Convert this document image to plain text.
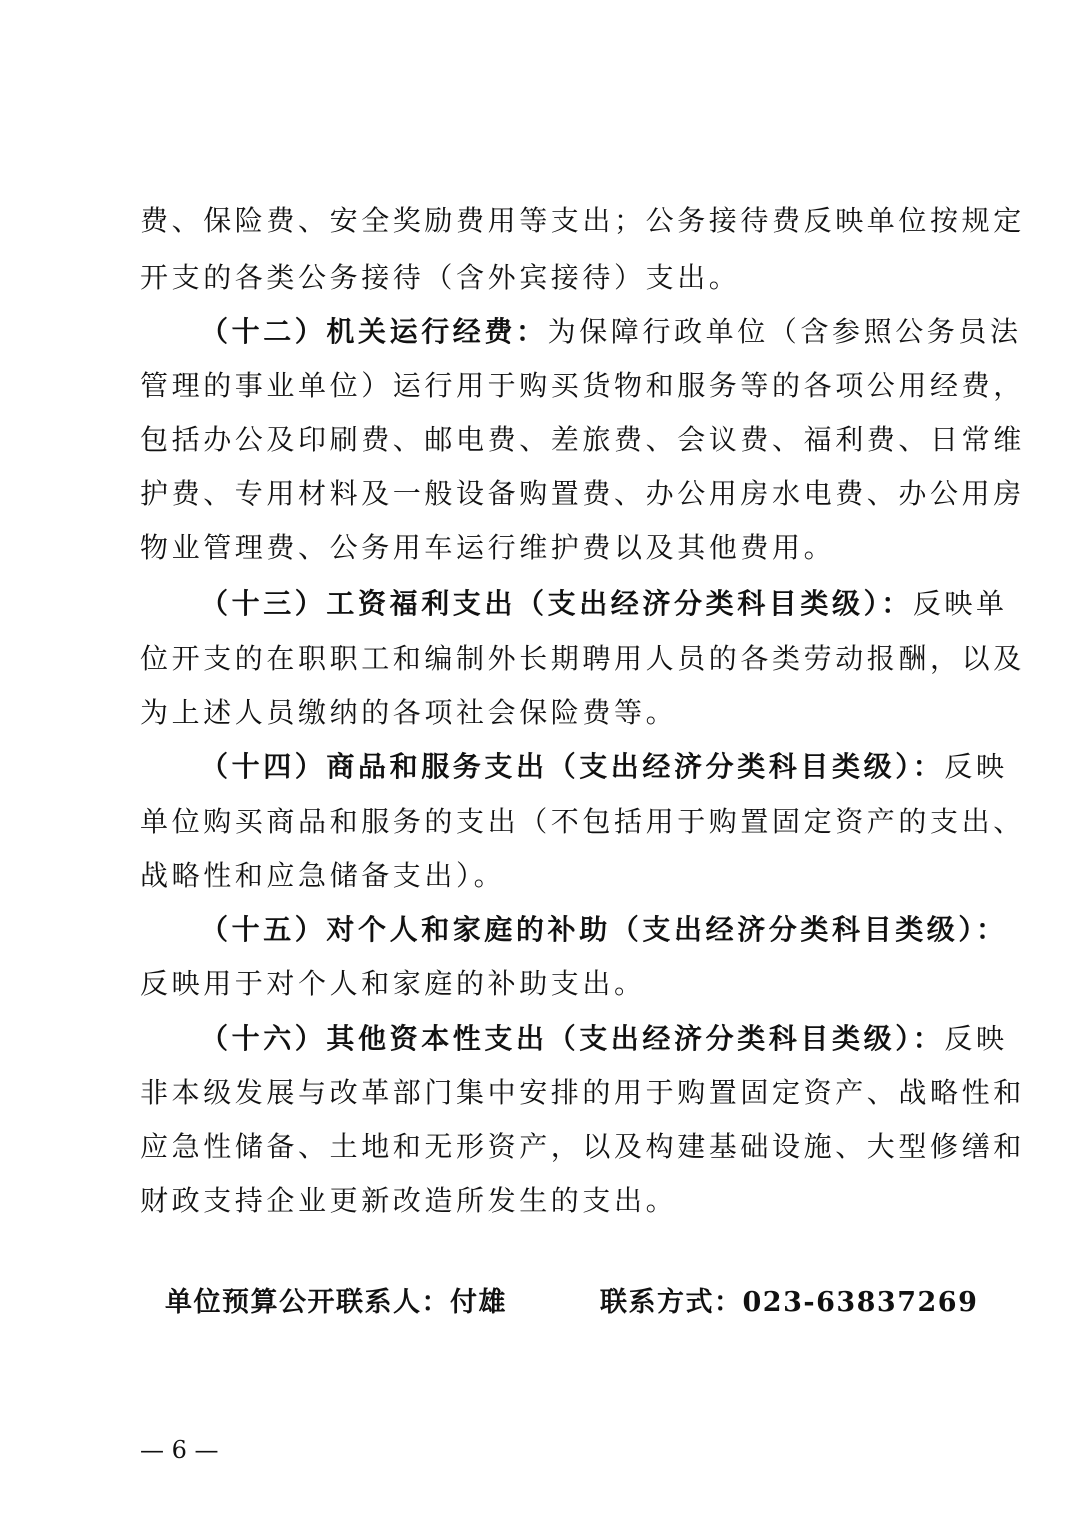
费、保险费、安全奖励费用等支出；公务接待费反映单位按规定
开支的各类公务接待（含外宾接待）支出。
（十二）机关运行经费：为保障行政单位（含参照公务员法
管理的事业单位）运行用于购买货物和服务等的各项公用经费，
包括办公及印刷费、邮电费、差旅费、会议费、福利费、日常维
护费、专用材料及一般设备购置费、办公用房水电费、办公用房
物业管理费、公务用车运行维护费以及其他费用。
（十三）工资福利支出（支出经济分类科目类级）：反映单
位开支的在职职工和编制外长期聘用人员的各类劳动报酬，以及
为上述人员缴纳的各项社会保险费等。
（十四）商品和服务支出（支出经济分类科目类级）：反映
单位购买商品和服务的支出（不包括用于购置固定资产的支出、
战略性和应急储备支出）。
（十五）对个人和家庭的补助（支出经济分类科目类级）：
反映用于对个人和家庭的补助支出。
（十六）其他资本性支出（支出经济分类科目类级）：反映
非本级发展与改革部门集中安排的用于购置固定资产、战略性和
应急性储备、土地和无形资产，以及构建基础设施、大型修缮和
财政支持企业更新改造所发生的支出。
单位预算公开联系人：付雄	联系方式：023-63837269
— 6 —
